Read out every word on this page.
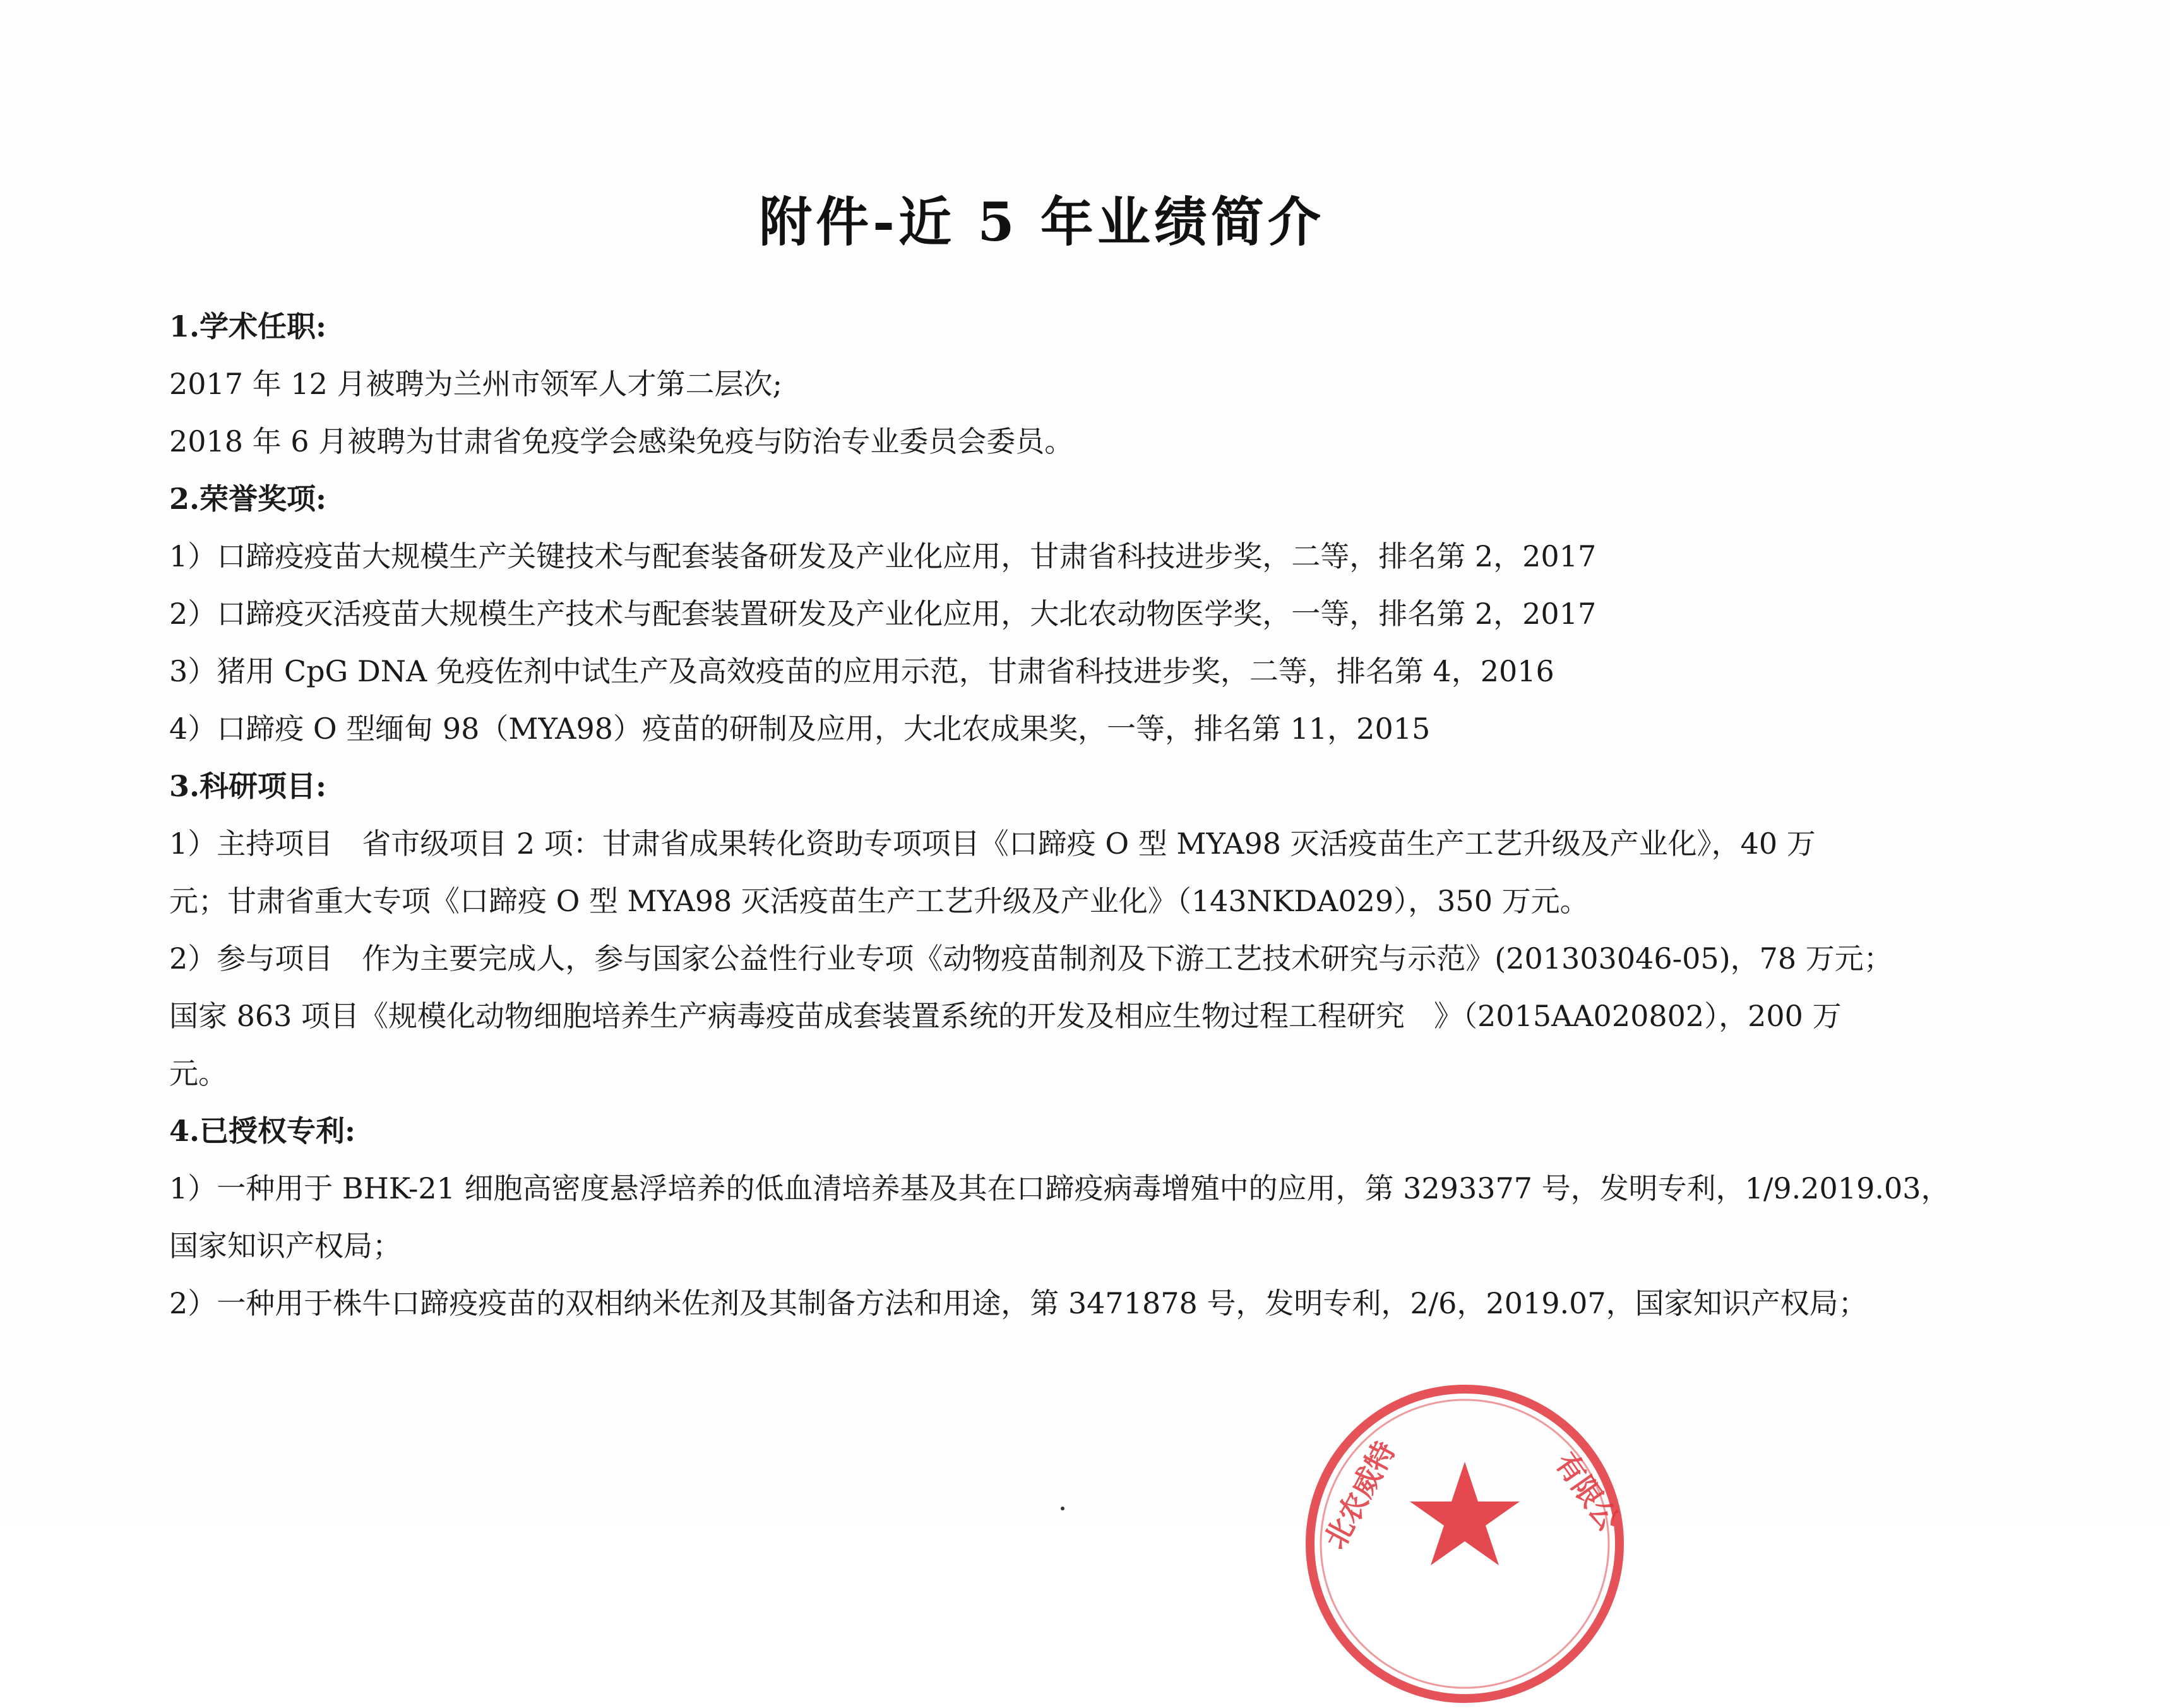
附件-近 5 年业绩简介
1.学术任职:
2017 年 12 月被聘为兰州市领军人才第二层次;
2018 年 6 月被聘为甘肃省免疫学会感染免疫与防治专业委员会委员。
2.荣誉奖项:
1）口蹄疫疫苗大规模生产关键技术与配套装备研发及产业化应用，甘肃省科技进步奖，二等，排名第 2，2017
2）口蹄疫灭活疫苗大规模生产技术与配套装置研发及产业化应用，大北农动物医学奖，一等，排名第 2，2017
3）猪用 CpG DNA 免疫佐剂中试生产及高效疫苗的应用示范，甘肃省科技进步奖，二等，排名第 4，2016
4）口蹄疫 O 型缅甸 98（MYA98）疫苗的研制及应用，大北农成果奖，一等，排名第 11，2015
3.科研项目:
1）主持项目　省市级项目 2 项：甘肃省成果转化资助专项项目《口蹄疫 O 型 MYA98 灭活疫苗生产工艺升级及产业化》，40 万
元；甘肃省重大专项《口蹄疫 O 型 MYA98 灭活疫苗生产工艺升级及产业化》（143NKDA029），350 万元。
2）参与项目　作为主要完成人，参与国家公益性行业专项《动物疫苗制剂及下游工艺技术研究与示范》(201303046-05)，78 万元；
国家 863 项目《规模化动物细胞培养生产病毒疫苗成套装置系统的开发及相应生物过程工程研究　》（2015AA020802），200 万
元。
4.已授权专利:
1）一种用于 BHK-21 细胞高密度悬浮培养的低血清培养基及其在口蹄疫病毒增殖中的应用，第 3293377 号，发明专利，1/9.2019.03，
国家知识产权局；
2）一种用于株牛口蹄疫疫苗的双相纳米佐剂及其制备方法和用途，第 3471878 号，发明专利，2/6，2019.07，国家知识产权局；
北农威特	有限公
